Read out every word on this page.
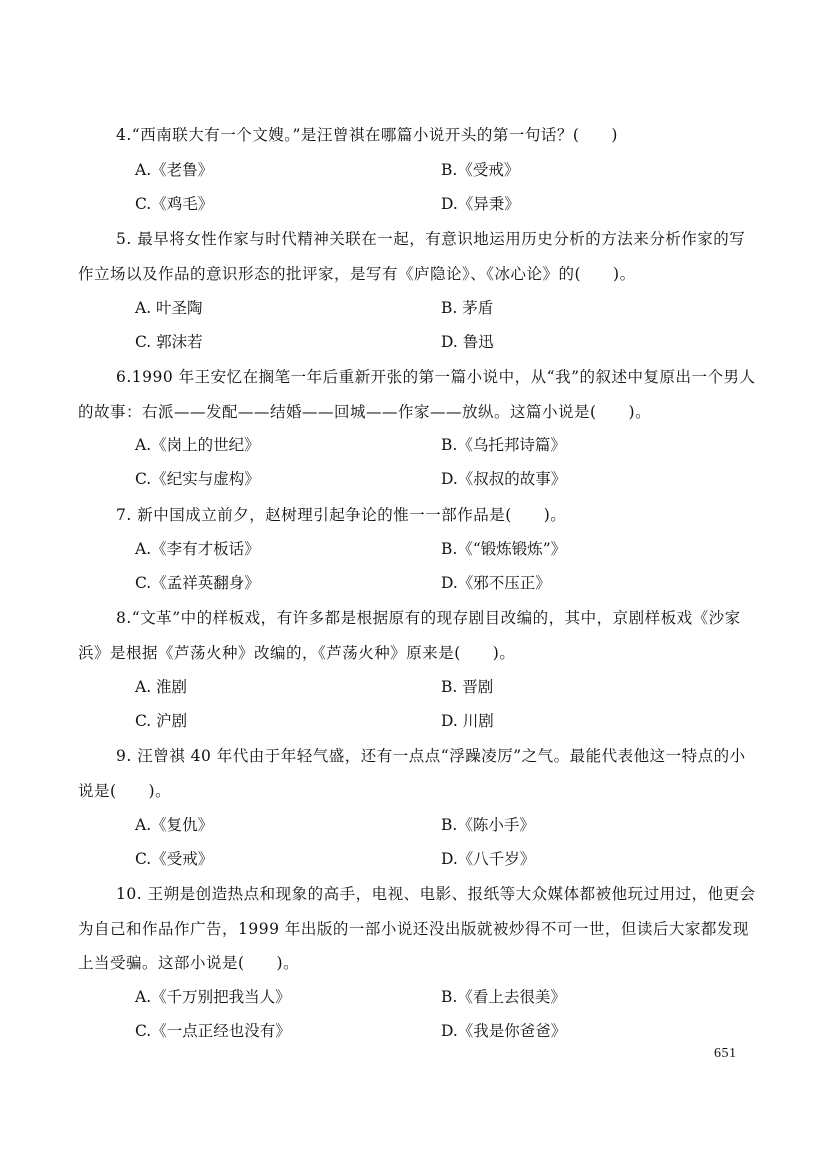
4.“西南联大有一个文嫂。”是汪曾祺在哪篇小说开头的第一句话？(　　)
A.《老鲁》	B.《受戒》
C.《鸡毛》	D.《异秉》
5. 最早将女性作家与时代精神关联在一起，有意识地运用历史分析的方法来分析作家的写作立场以及作品的意识形态的批评家，是写有《庐隐论》、《冰心论》的(　　)。
A. 叶圣陶	B. 茅盾
C. 郭沫若	D. 鲁迅
6.1990 年王安忆在搁笔一年后重新开张的第一篇小说中，从“我”的叙述中复原出一个男人的故事：右派——发配——结婚——回城——作家——放纵。这篇小说是(　　)。
A.《岗上的世纪》	B.《乌托邦诗篇》
C.《纪实与虚构》	D.《叔叔的故事》
7. 新中国成立前夕，赵树理引起争论的惟一一部作品是(　　)。
A.《李有才板话》	B.《“锻炼锻炼”》
C.《孟祥英翻身》	D.《邪不压正》
8.“文革”中的样板戏，有许多都是根据原有的现存剧目改编的，其中，京剧样板戏《沙家浜》是根据《芦荡火种》改编的，《芦荡火种》原来是(　　)。
A. 淮剧	B. 晋剧
C. 沪剧	D. 川剧
9. 汪曾祺 40 年代由于年轻气盛，还有一点点“浮躁凌厉”之气。最能代表他这一特点的小说是(　　)。
A.《复仇》	B.《陈小手》
C.《受戒》	D.《八千岁》
10. 王朔是创造热点和现象的高手，电视、电影、报纸等大众媒体都被他玩过用过，他更会为自己和作品作广告，1999 年出版的一部小说还没出版就被炒得不可一世，但读后大家都发现上当受骗。这部小说是(　　)。
A.《千万别把我当人》	B.《看上去很美》
C.《一点正经也没有》	D.《我是你爸爸》
651
